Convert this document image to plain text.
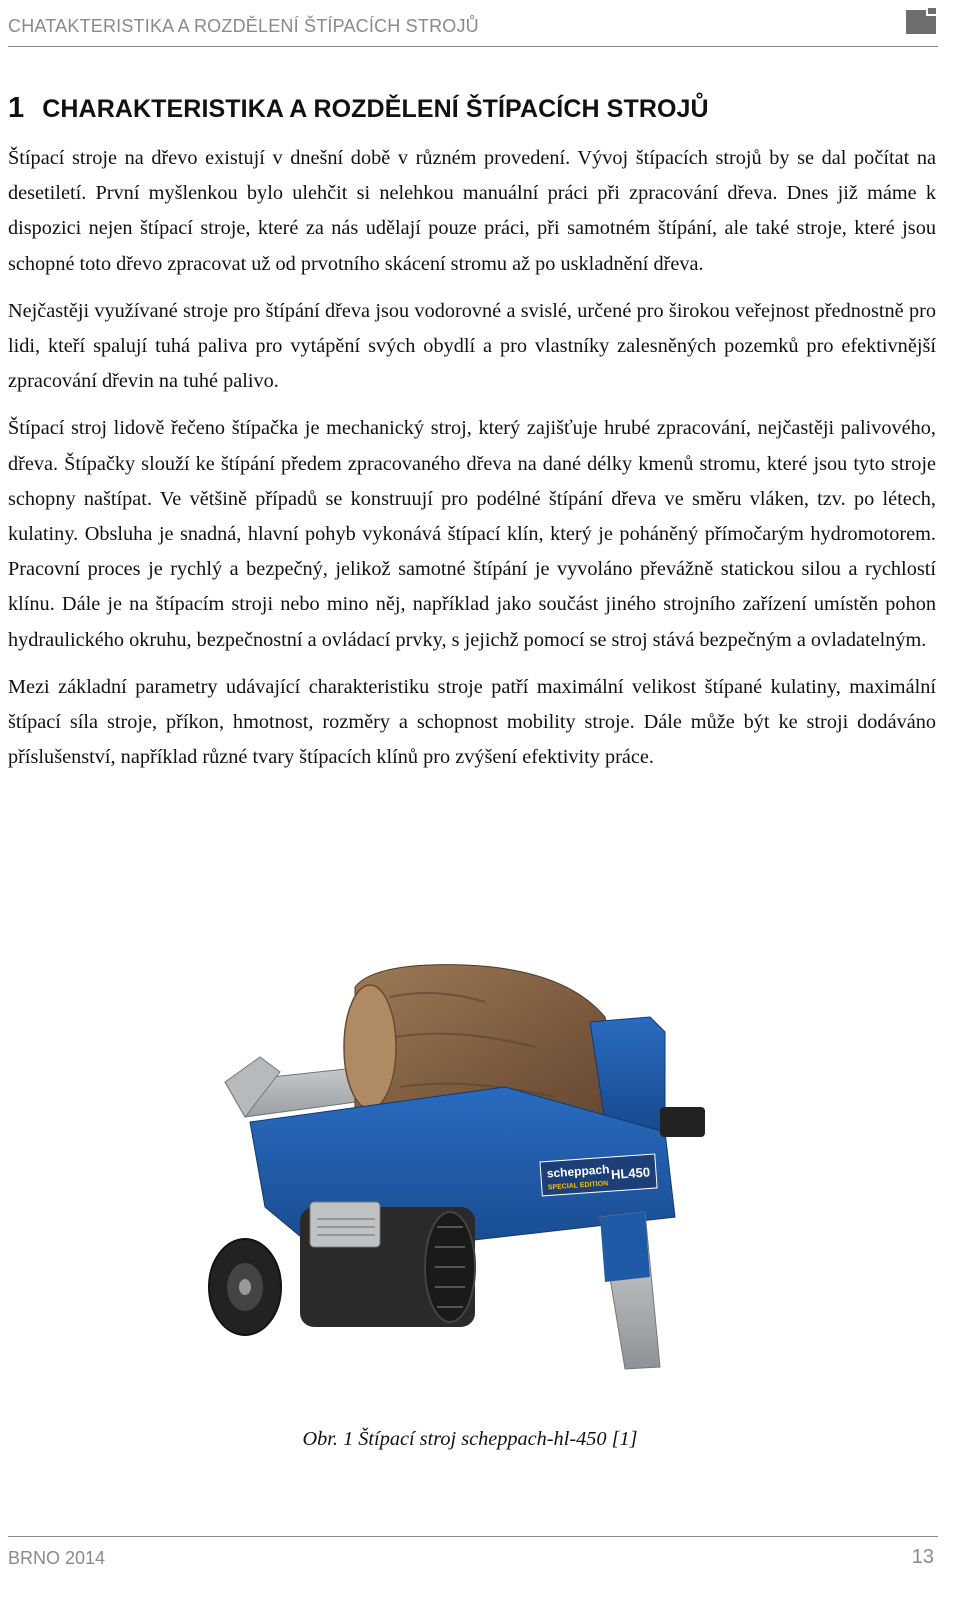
CHATAKTERISTIKA A ROZDĚLENÍ ŠTÍPACÍCH STROJŮ
1 CHARAKTERISTIKA A ROZDĚLENÍ ŠTÍPACÍCH STROJŮ

Štípací stroje na dřevo existují v dnešní době v různém provedení. Vývoj štípacích strojů by se dal počítat na desetiletí. První myšlenkou bylo ulehčit si nelehkou manuální práci při zpracování dřeva. Dnes již máme k dispozici nejen štípací stroje, které za nás udělají pouze práci, při samotném štípání, ale také stroje, které jsou schopné toto dřevo zpracovat už od prvotního skácení stromu až po uskladnění dřeva.

Nejčastěji využívané stroje pro štípání dřeva jsou vodorovné a svislé, určené pro širokou veřejnost přednostně pro lidi, kteří spalují tuhá paliva pro vytápění svých obydlí a pro vlastníky zalesněných pozemků pro efektivnější zpracování dřevin na tuhé palivo.

Štípací stroj lidově řečeno štípačka je mechanický stroj, který zajišťuje hrubé zpracování, nejčastěji palivového, dřeva. Štípačky slouží ke štípání předem zpracovaného dřeva na dané délky kmenů stromu, které jsou tyto stroje schopny naštípat. Ve většině případů se konstruují pro podélné štípání dřeva ve směru vláken, tzv. po létech, kulatiny. Obsluha je snadná, hlavní pohyb vykonává štípací klín, který je poháněný přímočarým hydromotorem. Pracovní proces je rychlý a bezpečný, jelikož samotné štípání je vyvoláno převážně statickou silou a rychlostí klínu. Dále je na štípacím stroji nebo mino něj, například jako součást jiného strojního zařízení umístěn pohon hydraulického okruhu, bezpečnostní a ovládací prvky, s jejichž pomocí se stroj stává bezpečným a ovladatelným.

Mezi základní parametry udávající charakteristiku stroje patří maximální velikost štípané kulatiny, maximální štípací síla stroje, příkon, hmotnost, rozměry a schopnost mobility stroje. Dále může být ke stroji dodáváno příslušenství, například různé tvary štípacích klínů pro zvýšení efektivity práce.

scheppach
SPECIAL EDITION
HL450
Obr. 1 Štípací stroj scheppach-hl-450 [1]
BRNO 2014	13
